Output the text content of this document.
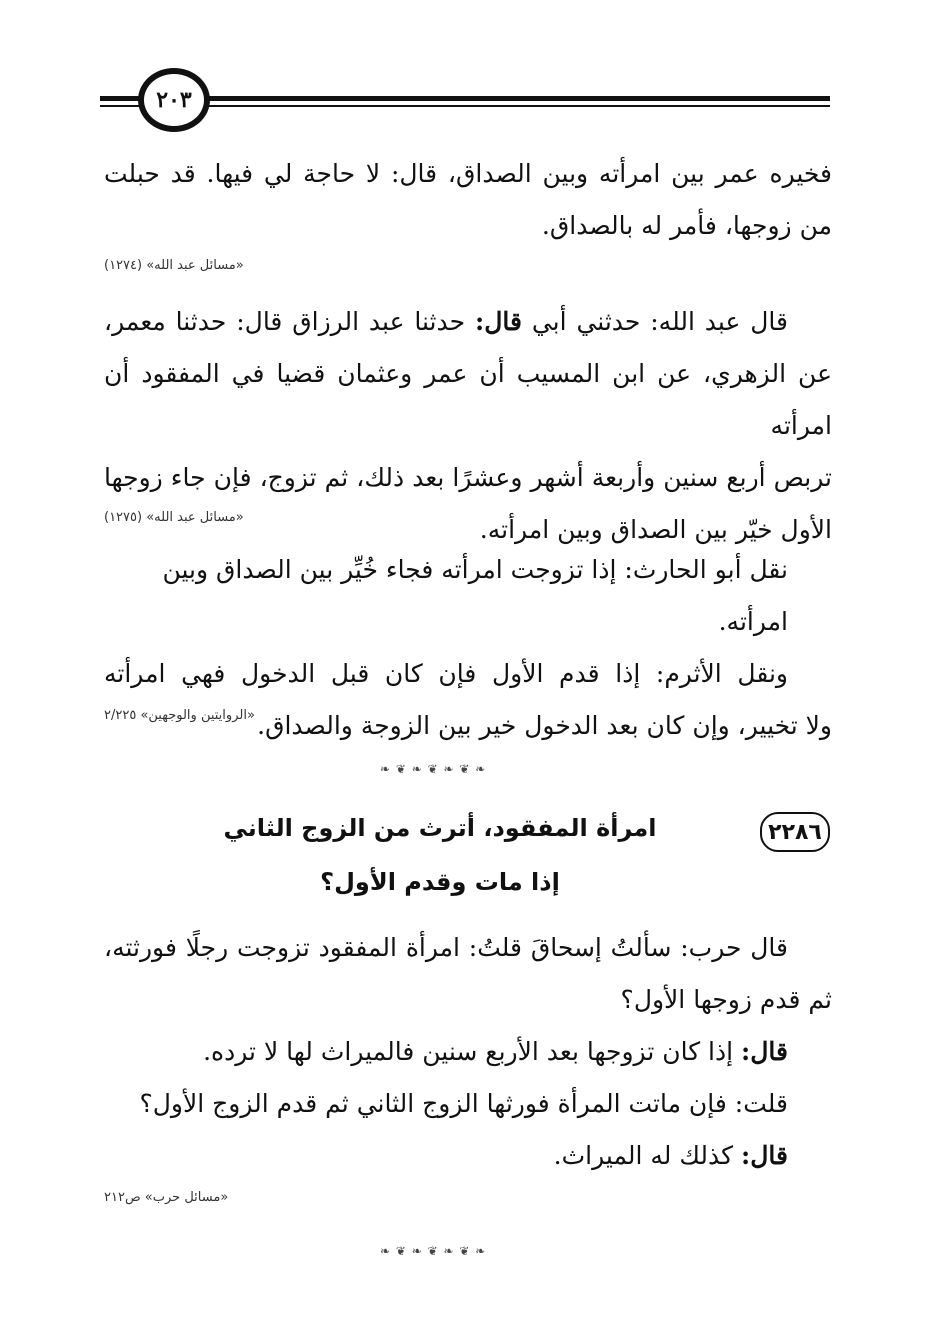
٢٠٣
فخيره عمر بين امرأته وبين الصداق، قال: لا حاجة لي فيها. قد حبلت
من زوجها، فأمر له بالصداق.
«مسائل عبد الله» (١٢٧٤)
قال عبد الله: حدثني أبي قال: حدثنا عبد الرزاق قال: حدثنا معمر،
عن الزهري، عن ابن المسيب أن عمر وعثمان قضيا في المفقود أن امرأته
تربص أربع سنين وأربعة أشهر وعشرًا بعد ذلك، ثم تزوج، فإن جاء زوجها
الأول خيّر بين الصداق وبين امرأته.
«مسائل عبد الله» (١٢٧٥)
نقل أبو الحارث: إذا تزوجت امرأته فجاء خُيِّر بين الصداق وبين امرأته.
ونقل الأثرم: إذا قدم الأول فإن كان قبل الدخول فهي امرأته
ولا تخيير، وإن كان بعد الدخول خير بين الزوجة والصداق.
«الروايتين والوجهين» ٢/٢٢٥
❧ ❦ ❧ ❦ ❧ ❦ ❧
٢٢٨٦
امرأة المفقود، أترث من الزوج الثاني
إذا مات وقدم الأول؟
قال حرب: سألتُ إسحاقَ قلتُ: امرأة المفقود تزوجت رجلًا فورثته،
ثم قدم زوجها الأول؟
قال: إذا كان تزوجها بعد الأربع سنين فالميراث لها لا ترده.
قلت: فإن ماتت المرأة فورثها الزوج الثاني ثم قدم الزوج الأول؟
قال: كذلك له الميراث.
«مسائل حرب» ص٢١٢
❧ ❦ ❧ ❦ ❧ ❦ ❧
